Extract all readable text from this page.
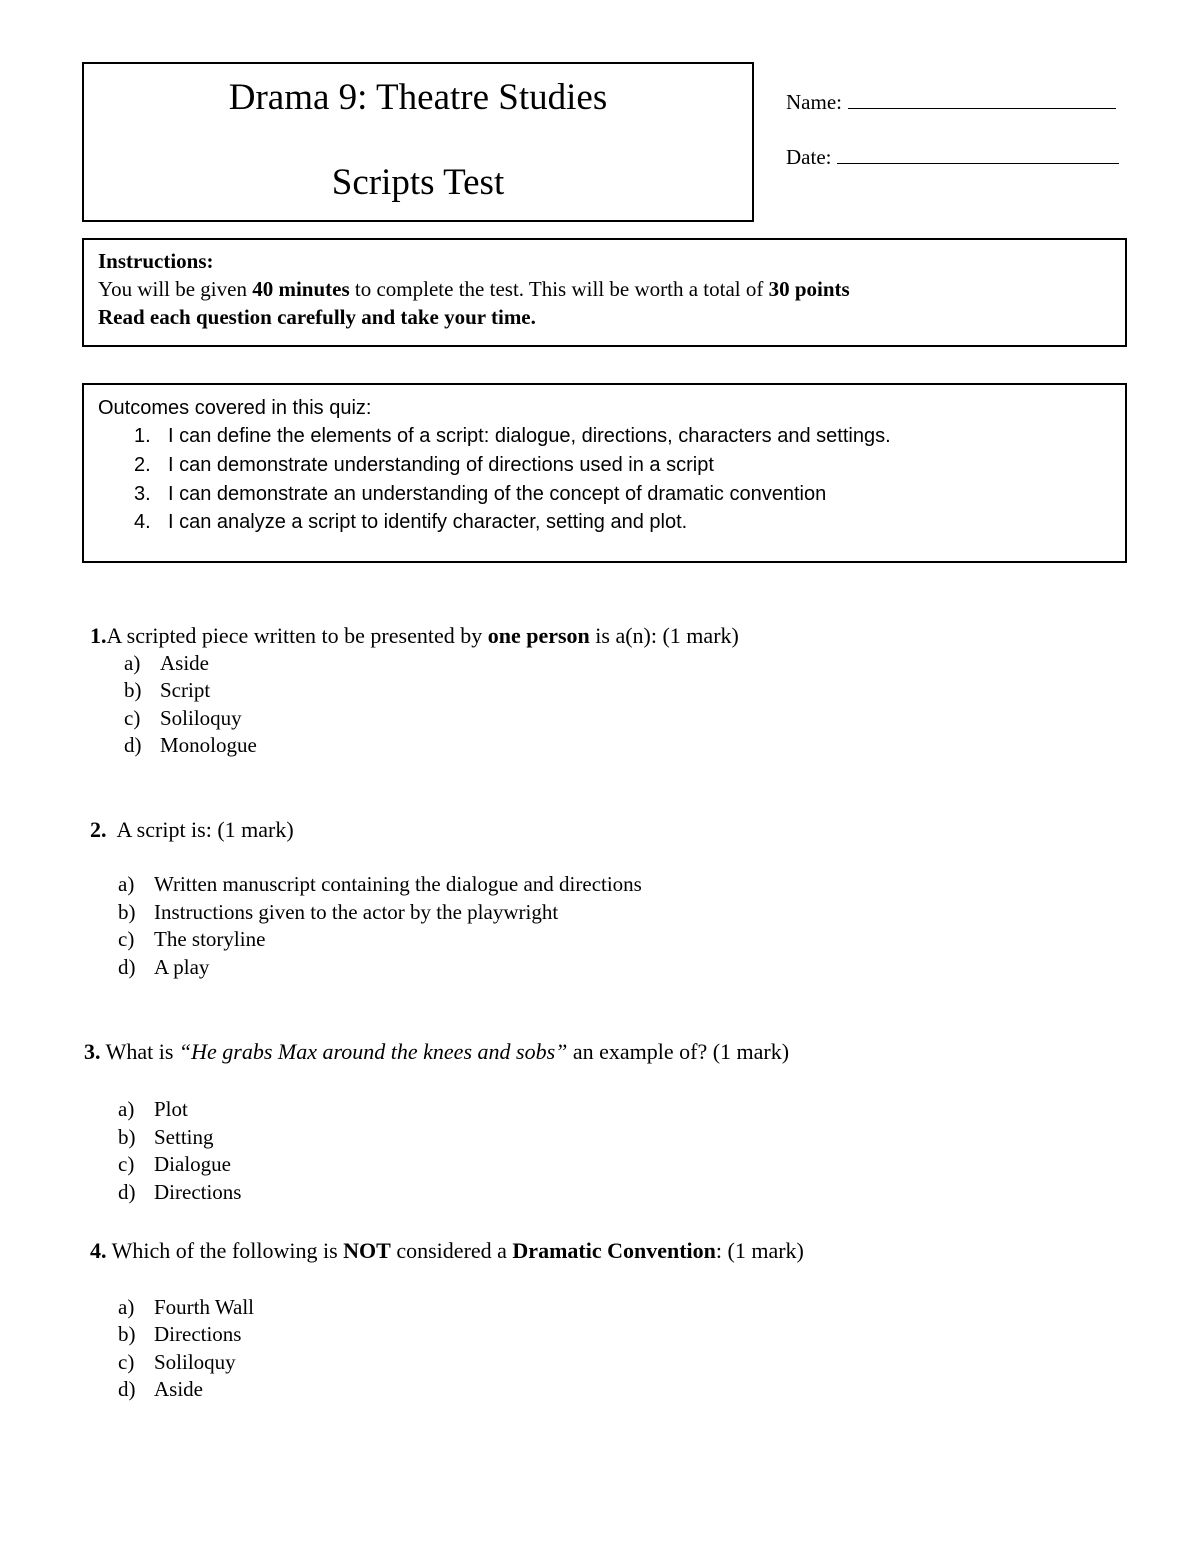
Drama 9: Theatre Studies
Scripts Test
Name:
Date:
Instructions:
You will be given 40 minutes to complete the test. This will be worth a total of 30 points
Read each question carefully and take your time.
Outcomes covered in this quiz:
1. I can define the elements of a script: dialogue, directions, characters and settings.
2. I can demonstrate understanding of directions used in a script
3. I can demonstrate an understanding of the concept of dramatic convention
4. I can analyze a script to identify character, setting and plot.
1.A scripted piece written to be presented by one person is a(n): (1 mark)
a) Aside
b) Script
c) Soliloquy
d) Monologue
2. A script is: (1 mark)
a) Written manuscript containing the dialogue and directions
b) Instructions given to the actor by the playwright
c) The storyline
d) A play
3. What is “He grabs Max around the knees and sobs” an example of? (1 mark)
a) Plot
b) Setting
c) Dialogue
d) Directions
4. Which of the following is NOT considered a Dramatic Convention: (1 mark)
a) Fourth Wall
b) Directions
c) Soliloquy
d) Aside
